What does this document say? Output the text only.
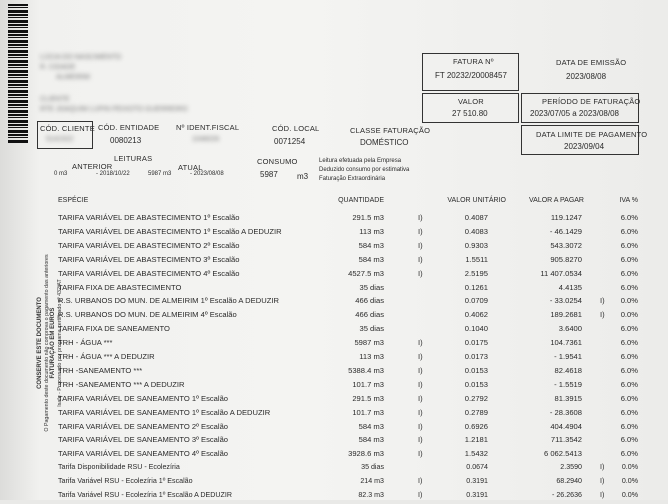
LÚCIA DO NASCIMENTO
R. CIDADE
ALMEIRIM
CLIENTE
RTE JOAQUIM LUPIN PEIXOTO GUERREIRO
FATURA Nº
FT 20232/20008457
DATA DE EMISSÃO
2023/08/08
VALOR
27 510.80
PERÍODO DE FATURAÇÃO
2023/07/05 a 2023/08/08
DATA LIMITE DE PAGAMENTO
2023/09/04
CÓD. CLIENTE
5141522
CÓD. ENTIDADE
0080213
Nº IDENT.FISCAL
1048026
CÓD. LOCAL
0071254
CLASSE FATURAÇÃO
DOMÉSTICO
LEITURAS
ANTERIOR	ATUAL
0 m3	- 2018/10/22	5987 m3	- 2023/08/08
CONSUMO
5987 m3
Leitura efetuada pela Empresa
Deduzido consumo por estimativa
Faturação Extraordinária
ESPÉCIE	QUANTIDADE	VALOR UNITÁRIO	VALOR A PAGAR	IVA %
TARIFA VARIÁVEL DE ABASTECIMENTO 1º Escalão	291.5 m3	I)	0.4087	119.1247	6.0%
TARIFA VARIÁVEL DE ABASTECIMENTO 1º Escalão A DEDUZIR	113 m3	I)	0.4083	- 46.1429	6.0%
TARIFA VARIÁVEL DE ABASTECIMENTO 2º Escalão	584 m3	I)	0.9303	543.3072	6.0%
TARIFA VARIÁVEL DE ABASTECIMENTO 3º Escalão	584 m3	I)	1.5511	905.8270	6.0%
TARIFA VARIÁVEL DE ABASTECIMENTO 4º Escalão	4527.5 m3	I)	2.5195	11 407.0534	6.0%
TARIFA FIXA DE ABASTECIMENTO	35 dias	0.1261	4.4135	6.0%
R.S. URBANOS DO MUN. DE ALMEIRIM 1º Escalão A DEDUZIR	466 dias	0.0709	- 33.0254 I) 0.0%
R.S. URBANOS DO MUN. DE ALMEIRIM 4º Escalão	466 dias	0.4062	189.2681 I) 0.0%
TARIFA FIXA DE SANEAMENTO	35 dias	0.1040	3.6400	6.0%
TRH - ÁGUA ***	5987 m3	I)	0.0175	104.7361	6.0%
TRH - ÁGUA *** A DEDUZIR	113 m3	I)	0.0173	- 1.9541	6.0%
TRH -SANEAMENTO ***	5388.4 m3	I)	0.0153	82.4618	6.0%
TRH -SANEAMENTO *** A DEDUZIR	101.7 m3	I)	0.0153	- 1.5519	6.0%
TARIFA VARIÁVEL DE SANEAMENTO 1º Escalão	291.5 m3	I)	0.2792	81.3915	6.0%
TARIFA VARIÁVEL DE SANEAMENTO 1º Escalão A DEDUZIR	101.7 m3	I)	0.2789	- 28.3608	6.0%
TARIFA VARIÁVEL DE SANEAMENTO 2º Escalão	584 m3	I)	0.6926	404.4904	6.0%
TARIFA VARIÁVEL DE SANEAMENTO 3º Escalão	584 m3	I)	1.2181	711.3542	6.0%
TARIFA VARIÁVEL DE SANEAMENTO 4º Escalão	3928.6 m3	I)	1.5432	6 062.5413	6.0%
Tarifa Disponibilidade RSU - Ecolezíria	35 dias	0.0674	2.3590	I) 0.0%
Tarifa Variável RSU - Ecolezíria 1º Escalão	214 m3	I)	0.3191	68.2940	I) 0.0%
Tarifa Variável RSU - Ecolezíria 1º Escalão A DEDUZIR	82.3 m3	I)	0.3191	- 26.2636	I) 0.0%
CONSERVE ESTE DOCUMENTO O Pagamento deste documento não comprova o pagamento das anteriores FATURAÇÃO EM EUROS Isafe - Processado por programa certificado nº 432/AT
